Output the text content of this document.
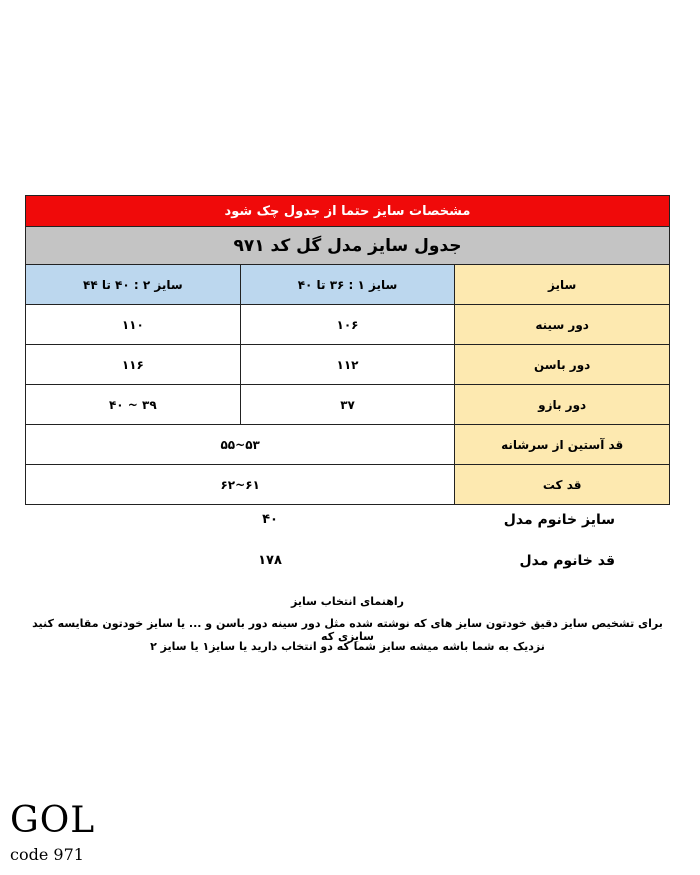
مشخصات سایز حتما از جدول چک شود		
جدول سایز مدل گل کد ۹۷۱		
سایز	سایز ۱ : ۳۶ تا ۴۰	سایز ۲ : ۴۰ تا ۴۴
دور سینه	۱۰۶	۱۱۰
دور باسن	۱۱۲	۱۱۶
دور بازو	۳۷	۳۹ ~ ۴۰
قد آستین از سرشانه	۵۳~۵۵	
قد کت	۶۱~۶۲	
سایز خانوم مدل
۴۰
قد خانوم مدل
۱۷۸
راهنمای انتخاب سایز
برای تشخیص سایز دقیق خودتون سایز های که نوشته شده مثل دور سینه دور باسن و ... یا سایز خودتون مقایسه کنید سایزی که
نزدیک به شما باشه میشه سایز شما که دو انتخاب دارید یا سایز۱ یا سایز ۲
GOL
code 971
